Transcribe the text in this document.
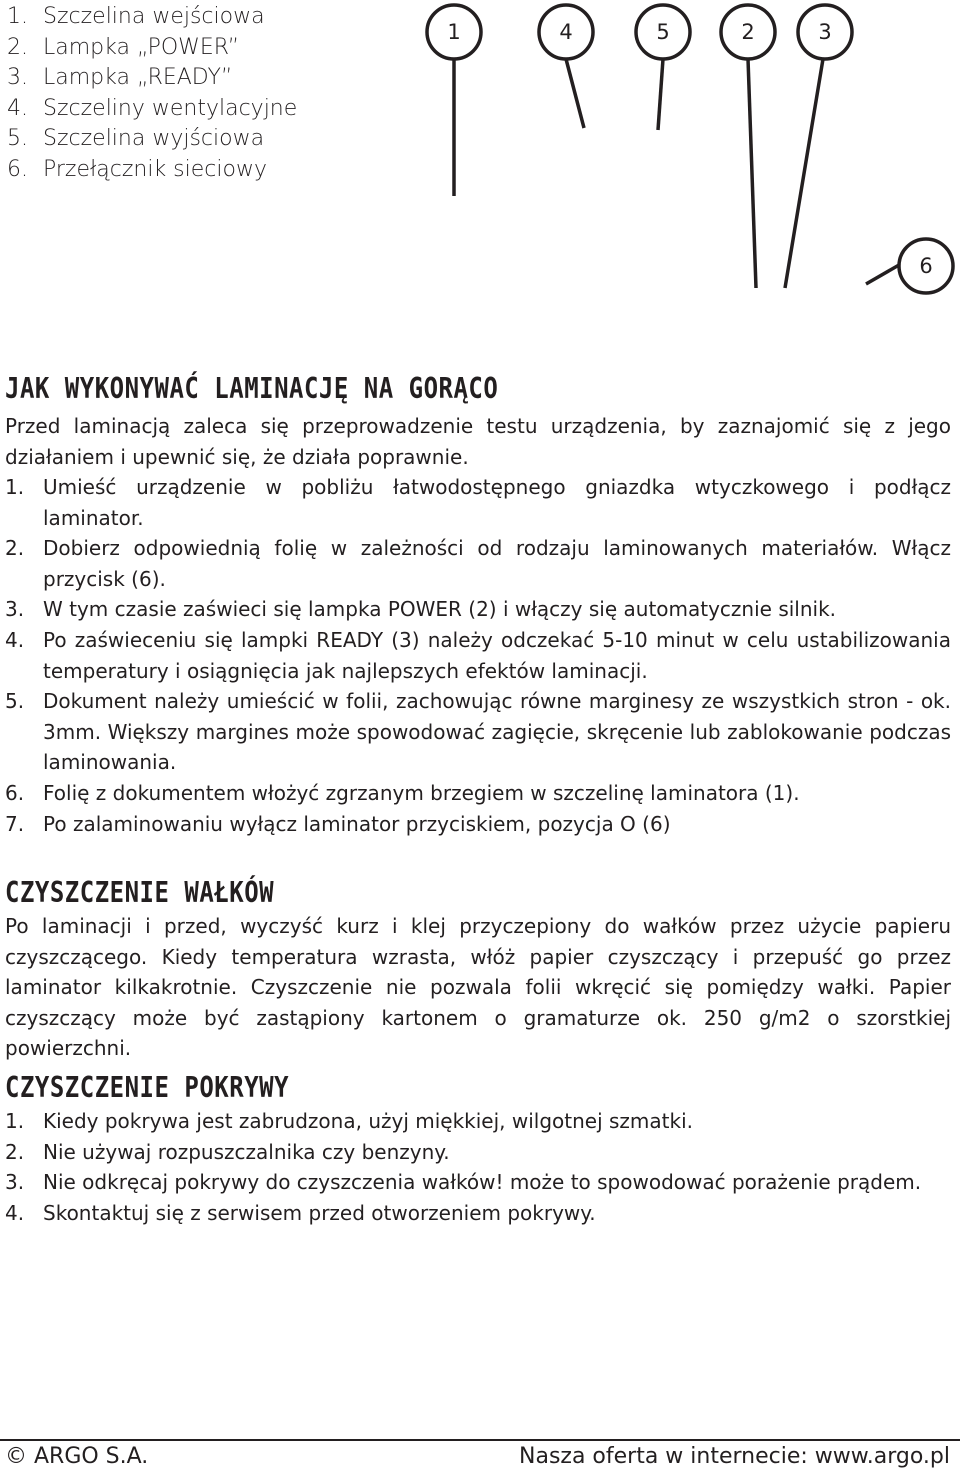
1. Szczelina wejściowa
2. Lampka „POWER”
3. Lampka „READY”
4. Szczeliny wentylacyjne
5. Szczelina wyjściowa
6. Przełącznik sieciowy
1	4	5	2	3
6
JAK WYKONYWAĆ LAMINACJĘ NA GORĄCO

Przed laminacją zaleca się przeprowadzenie testu urządzenia, by zaznajomić się z jego działaniem i upewnić się, że działa poprawnie.

1. Umieść urządzenie w pobliżu łatwodostępnego gniazdka wtyczkowego i podłącz laminator.
2. Dobierz odpowiednią folię w zależności od rodzaju laminowanych materiałów. Włącz przycisk (6).
3. W tym czasie zaświeci się lampka POWER (2) i włączy się automatycznie silnik.
4. Po zaświeceniu się lampki READY (3) należy odczekać 5-10 minut w celu ustabilizowania temperatury i osiągnięcia jak najlepszych efektów laminacji.
5. Dokument należy umieścić w folii, zachowując równe marginesy ze wszystkich stron - ok. 3mm. Większy margines może spowodować zagięcie, skręcenie lub zablokowanie podczas laminowania.
6. Folię z dokumentem włożyć zgrzanym brzegiem w szczelinę laminatora (1).
7. Po zalaminowaniu wyłącz laminator przyciskiem, pozycja O (6)
CZYSZCZENIE WAŁKÓW

Po laminacji i przed, wyczyść kurz i klej przyczepiony do wałków przez użycie papieru czyszczącego. Kiedy temperatura wzrasta, włóż papier czyszczący i przepuść go przez laminator kilkakrotnie. Czyszczenie nie pozwala folii wkręcić się pomiędzy wałki. Papier czyszczący może być zastąpiony kartonem o gramaturze ok. 250 g/m2 o szorstkiej powierzchni.

CZYSZCZENIE POKRYWY
1. Kiedy pokrywa jest zabrudzona, użyj miękkiej, wilgotnej szmatki.
2. Nie używaj rozpuszczalnika czy benzyny.
3. Nie odkręcaj pokrywy do czyszczenia wałków! może to spowodować porażenie prądem.
4. Skontaktuj się z serwisem przed otworzeniem pokrywy.
© ARGO S.A.	Nasza oferta w internecie: www.argo.pl
